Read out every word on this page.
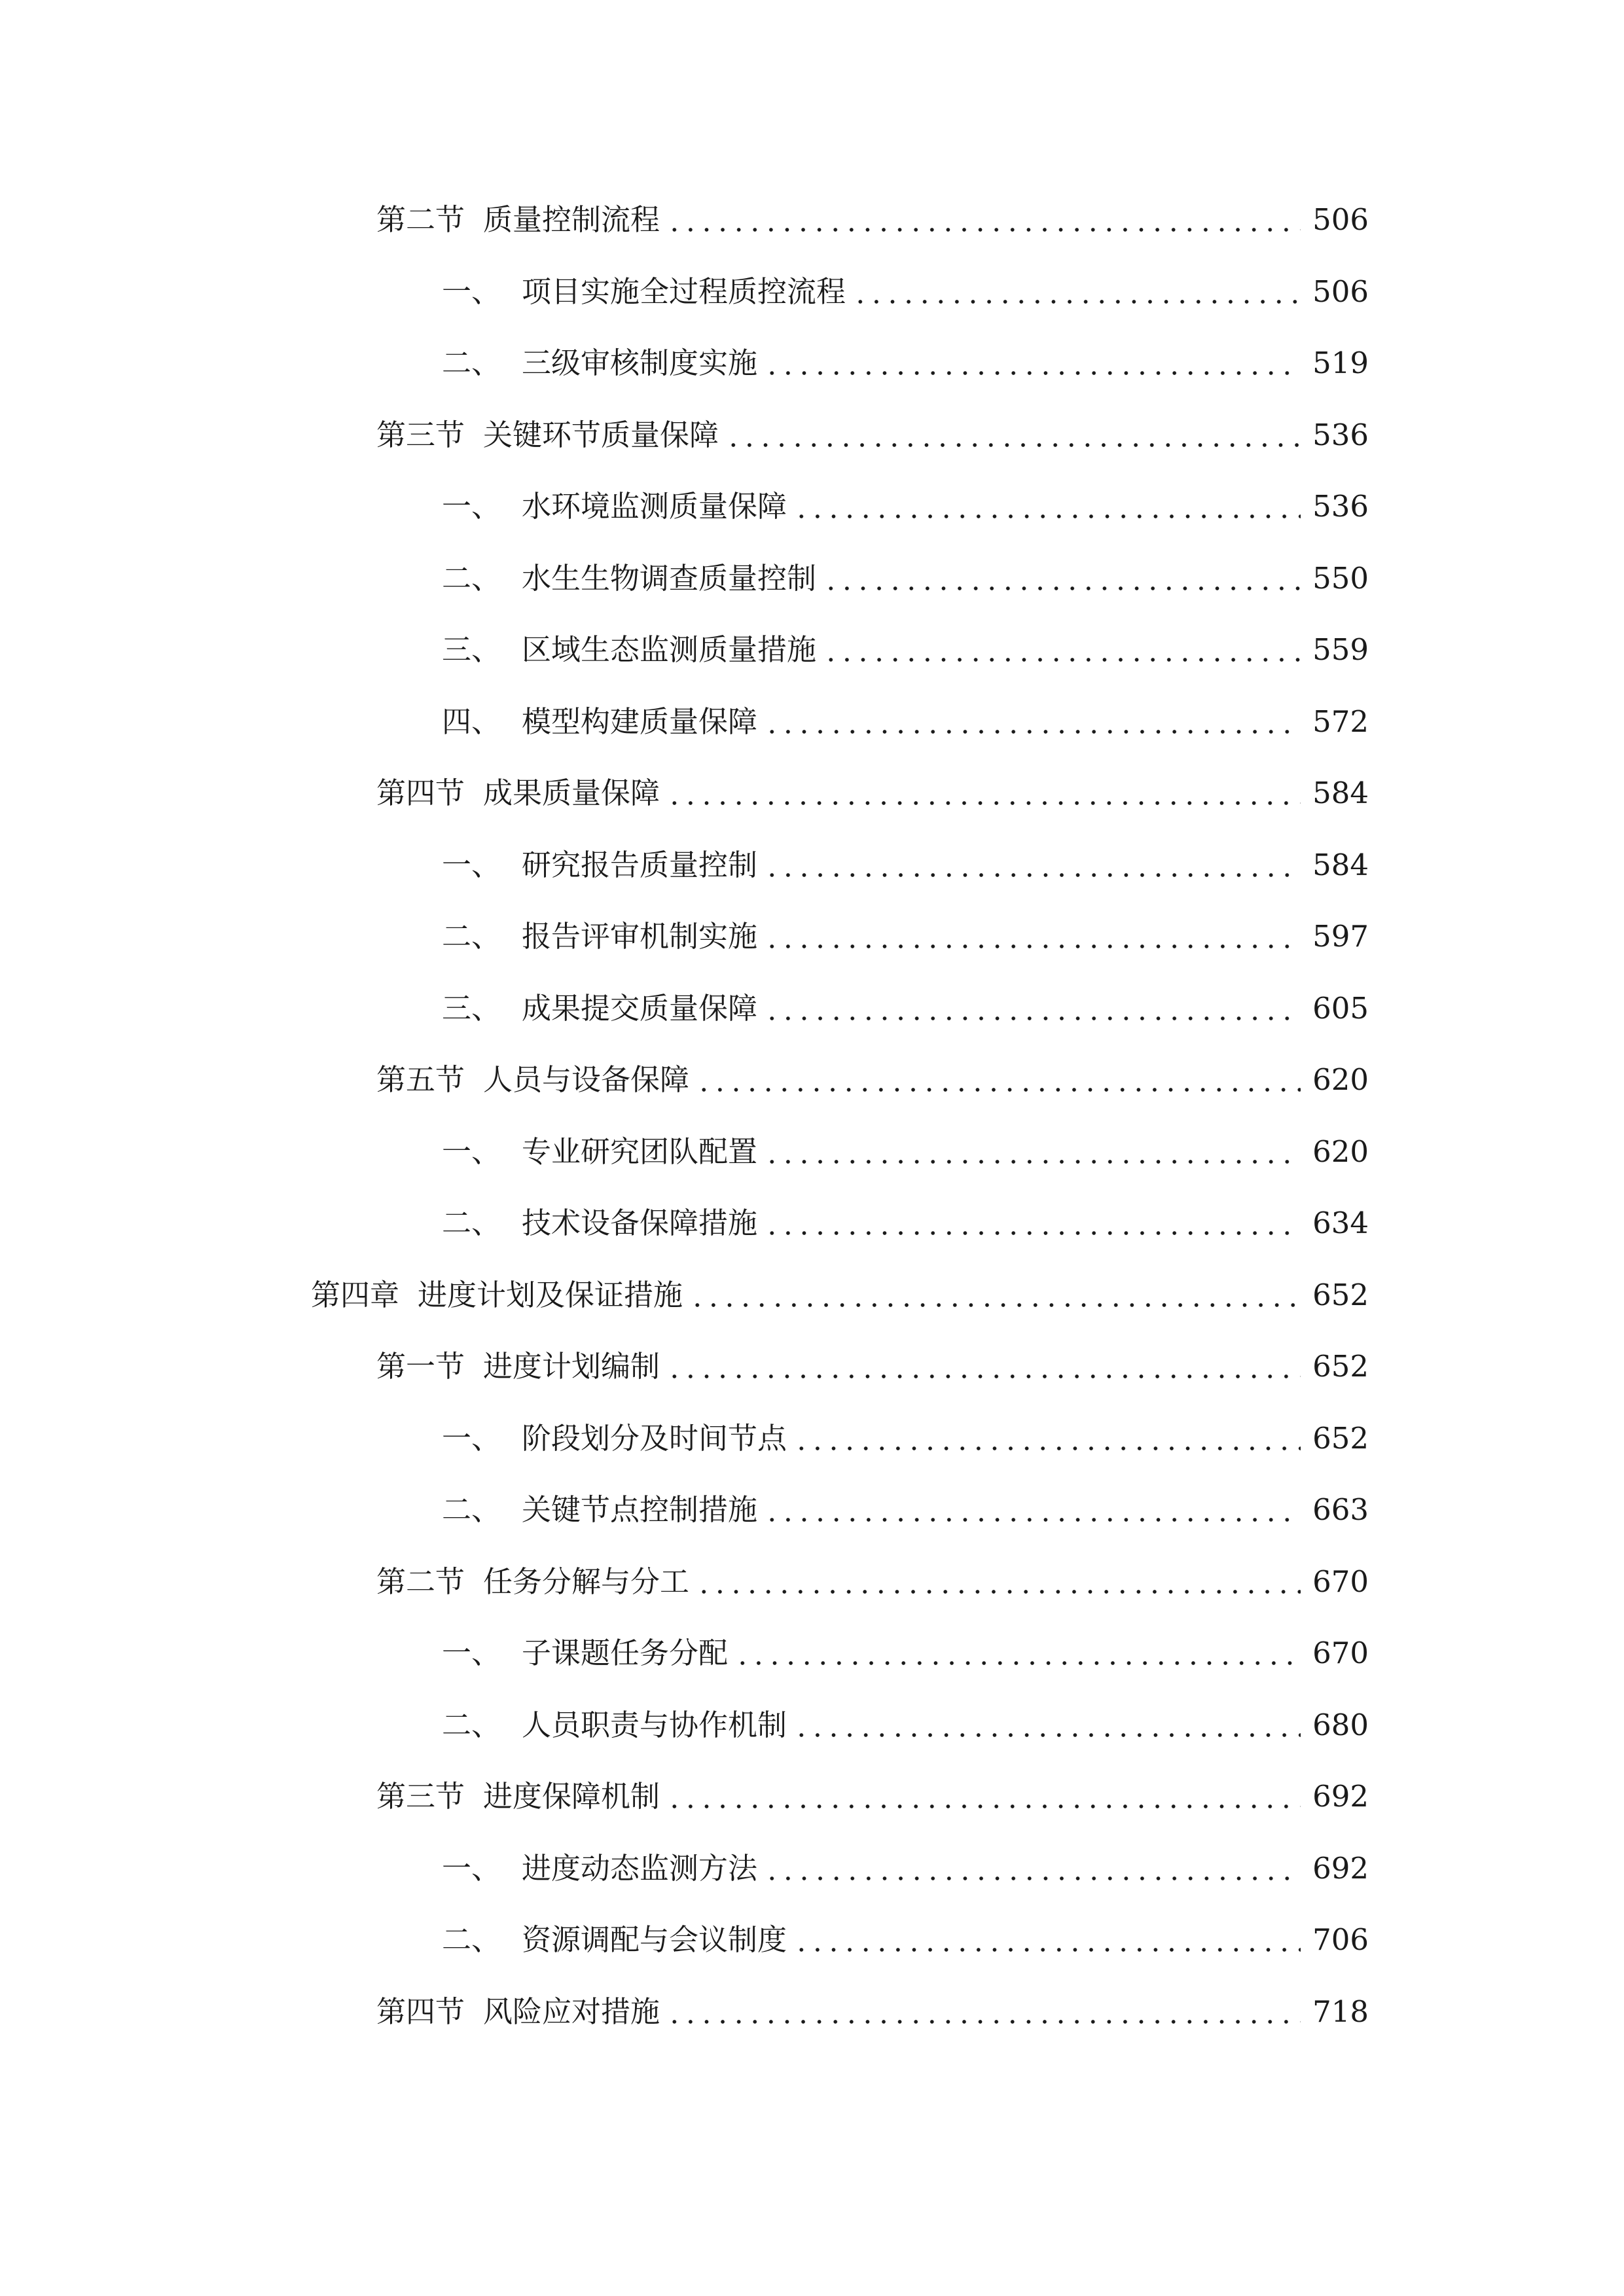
第二节 质量控制流程	506
一、 项目实施全过程质控流程	506
二、 三级审核制度实施	519
第三节 关键环节质量保障	536
一、 水环境监测质量保障	536
二、 水生生物调查质量控制	550
三、 区域生态监测质量措施	559
四、 模型构建质量保障	572
第四节 成果质量保障	584
一、 研究报告质量控制	584
二、 报告评审机制实施	597
三、 成果提交质量保障	605
第五节 人员与设备保障	620
一、 专业研究团队配置	620
二、 技术设备保障措施	634
第四章 进度计划及保证措施	652
第一节 进度计划编制	652
一、 阶段划分及时间节点	652
二、 关键节点控制措施	663
第二节 任务分解与分工	670
一、 子课题任务分配	670
二、 人员职责与协作机制	680
第三节 进度保障机制	692
一、 进度动态监测方法	692
二、 资源调配与会议制度	706
第四节 风险应对措施	718
